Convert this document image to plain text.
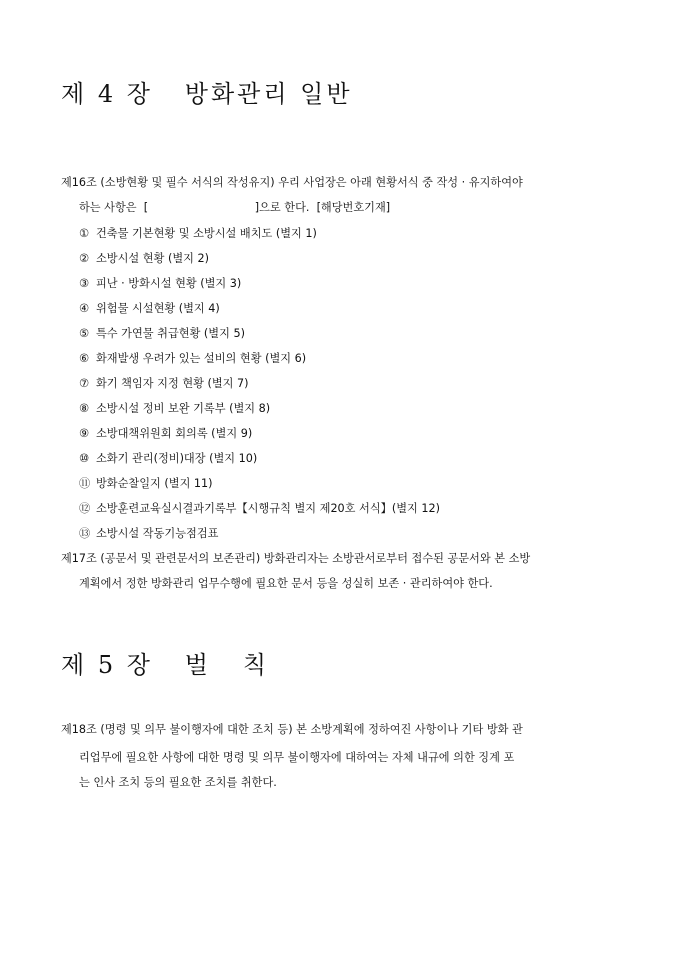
제 4 장   방화관리 일반
제16조 (소방현황 및 필수 서식의 작성유지) 우리 사업장은 아래 현황서식 중 작성 · 유지하여야
하는 사항은  [                              ]으로 한다.  [해당번호기재]
① 건축물 기본현황 및 소방시설 배치도 (별지 1)
② 소방시설 현황 (별지 2)
③ 피난 · 방화시설 현황 (별지 3)
④ 위험물 시설현황 (별지 4)
⑤ 특수 가연물 취급현황 (별지 5)
⑥ 화재발생 우려가 있는 설비의 현황 (별지 6)
⑦ 화기 책임자 지정 현황 (별지 7)
⑧ 소방시설 정비 보완 기록부 (별지 8)
⑨ 소방대책위원회 회의록 (별지 9)
⑩ 소화기 관리(정비)대장 (별지 10)
⑪ 방화순찰일지 (별지 11)
⑫ 소방훈련교육실시결과기록부【시행규칙 별지 제20호 서식】(별지 12)
⑬ 소방시설 작동기능점검표
제17조 (공문서 및 관련문서의 보존관리) 방화관리자는 소방관서로부터 접수된 공문서와 본 소방
계획에서 정한 방화관리 업무수행에 필요한 문서 등을 성실히 보존 · 관리하여야 한다.
제 5 장   벌   칙
제18조 (명령 및 의무 불이행자에 대한 조치 등) 본 소방계획에 정하여진 사항이나 기타 방화 관
리업무에 필요한 사항에 대한 명령 및 의무 불이행자에 대하여는 자체 내규에 의한 징계 포
는 인사 조치 등의 필요한 조치를 취한다.
